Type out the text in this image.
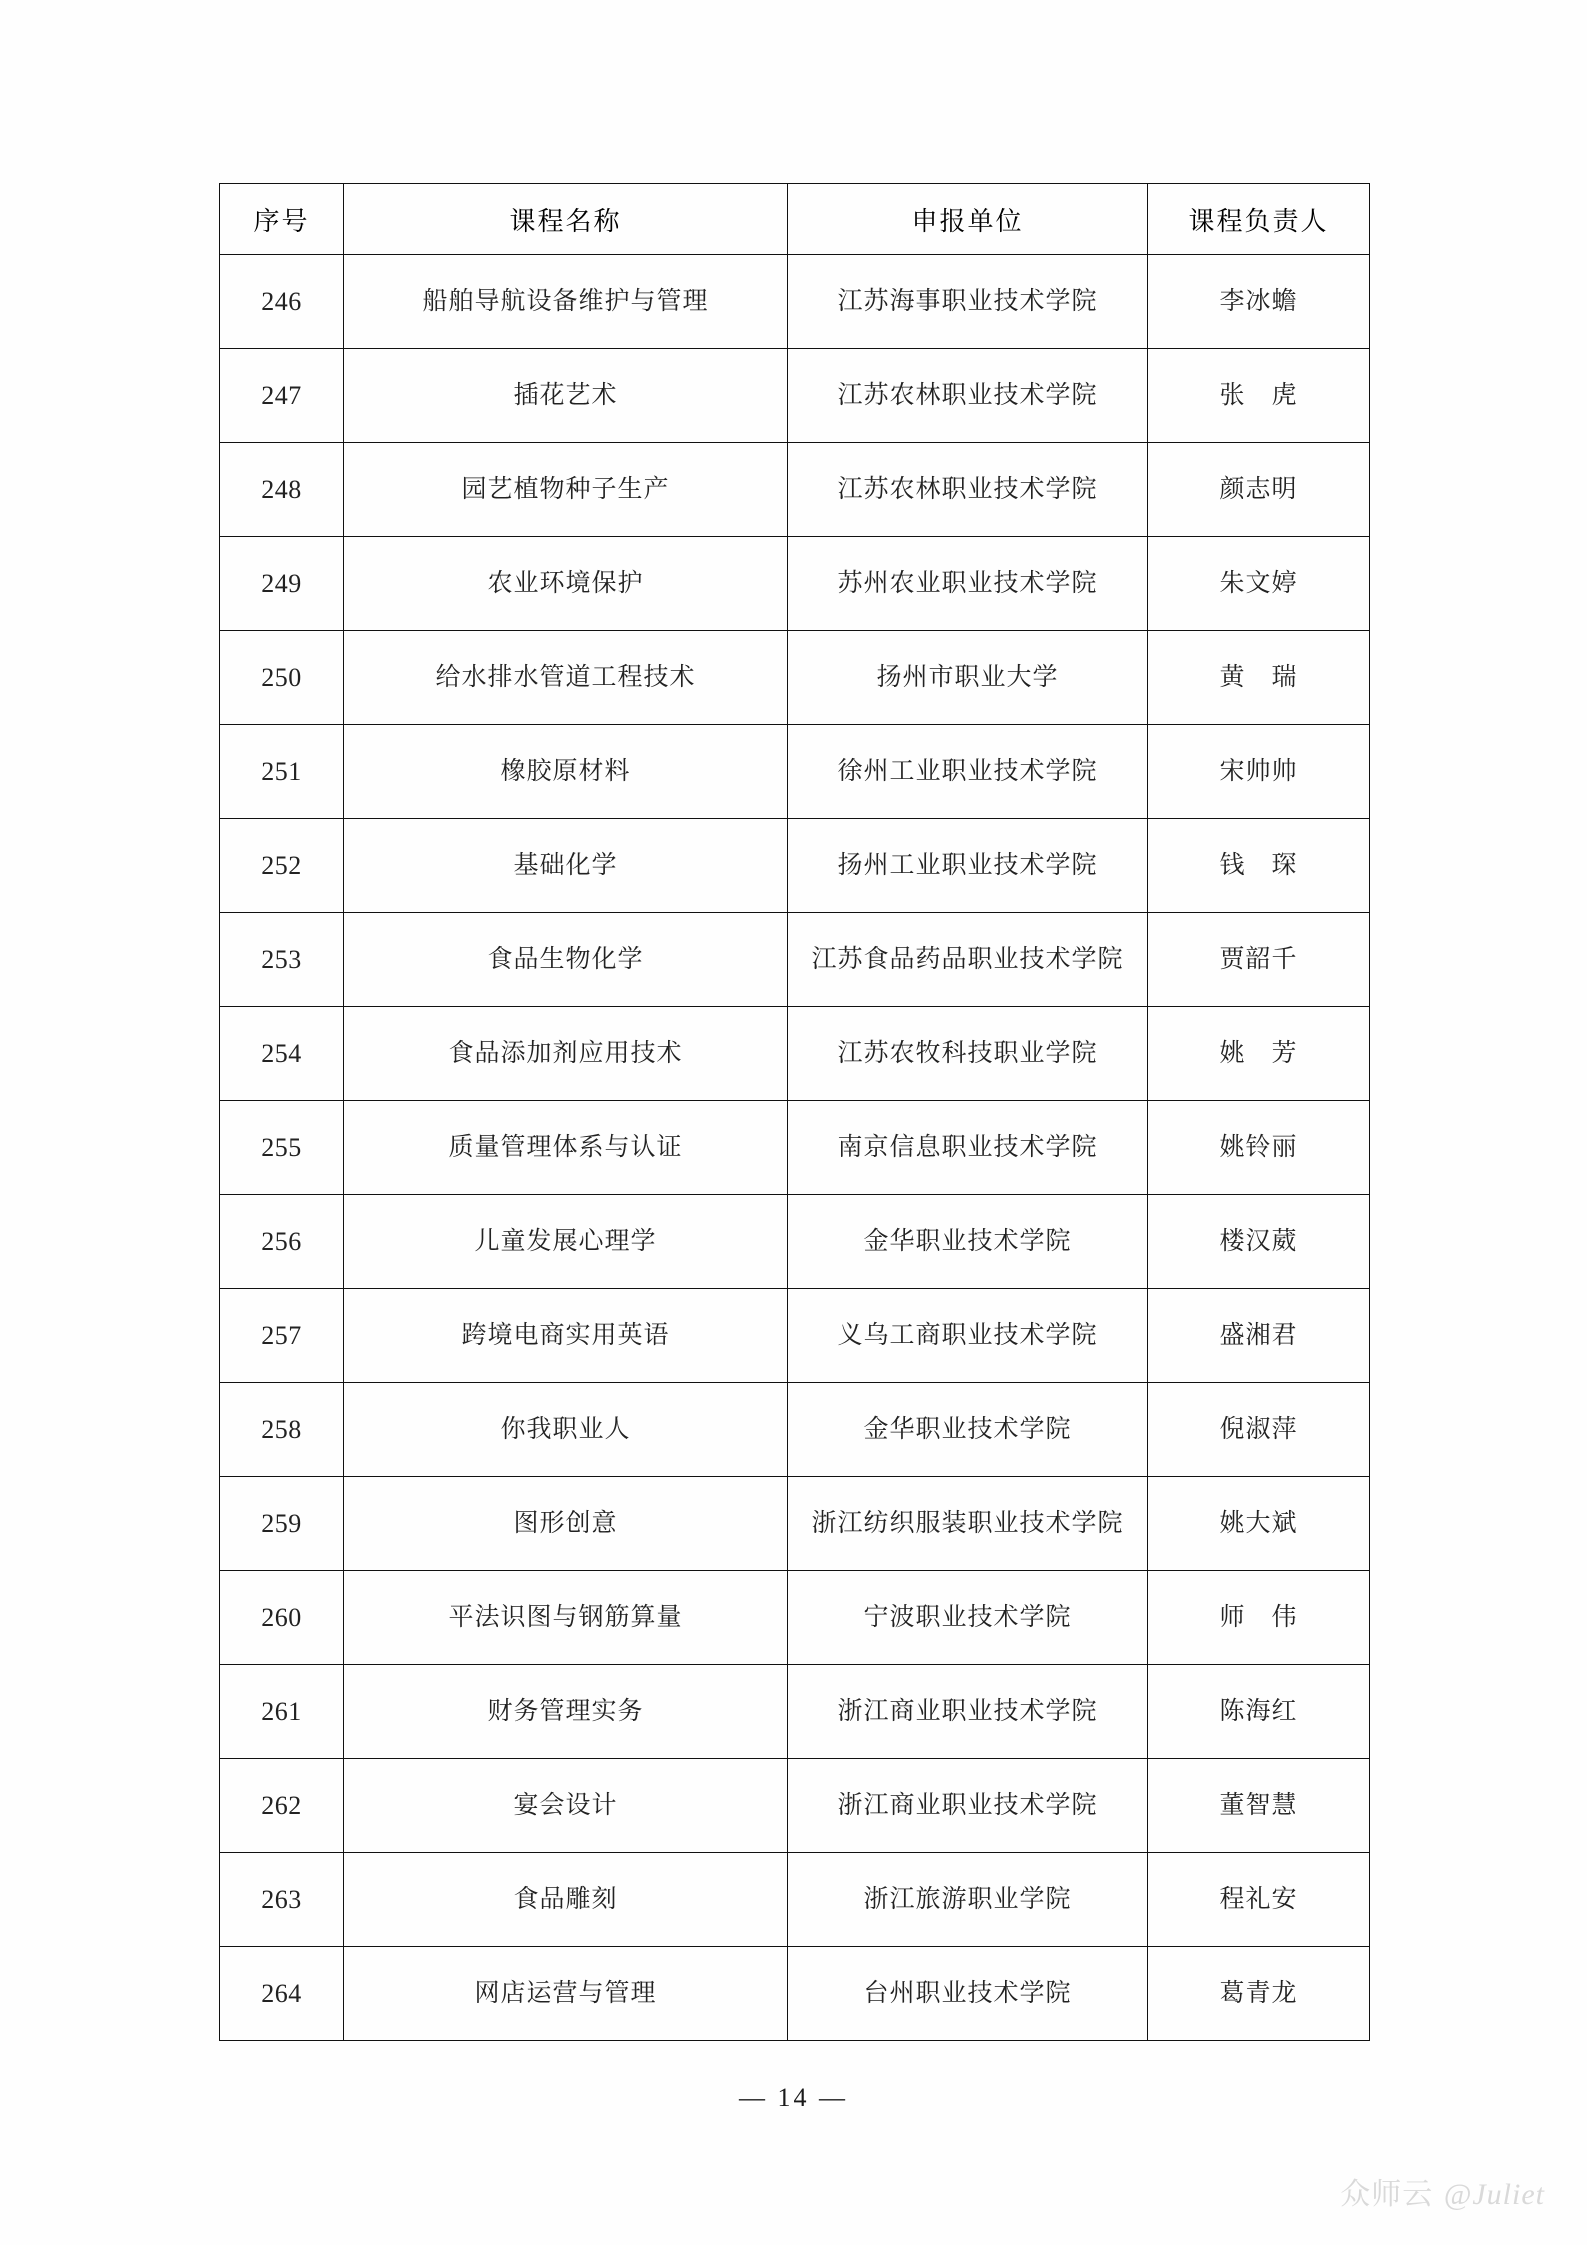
序号	课程名称	申报单位	课程负责人
246	船舶导航设备维护与管理	江苏海事职业技术学院	李冰蟾
247	插花艺术	江苏农林职业技术学院	张　虎
248	园艺植物种子生产	江苏农林职业技术学院	颜志明
249	农业环境保护	苏州农业职业技术学院	朱文婷
250	给水排水管道工程技术	扬州市职业大学	黄　瑞
251	橡胶原材料	徐州工业职业技术学院	宋帅帅
252	基础化学	扬州工业职业技术学院	钱　琛
253	食品生物化学	江苏食品药品职业技术学院	贾韶千
254	食品添加剂应用技术	江苏农牧科技职业学院	姚　芳
255	质量管理体系与认证	南京信息职业技术学院	姚铃丽
256	儿童发展心理学	金华职业技术学院	楼汉葳
257	跨境电商实用英语	义乌工商职业技术学院	盛湘君
258	你我职业人	金华职业技术学院	倪淑萍
259	图形创意	浙江纺织服装职业技术学院	姚大斌
260	平法识图与钢筋算量	宁波职业技术学院	师　伟
261	财务管理实务	浙江商业职业技术学院	陈海红
262	宴会设计	浙江商业职业技术学院	董智慧
263	食品雕刻	浙江旅游职业学院	程礼安
264	网店运营与管理	台州职业技术学院	葛青龙
— 14 —
众师云 @Juliet
